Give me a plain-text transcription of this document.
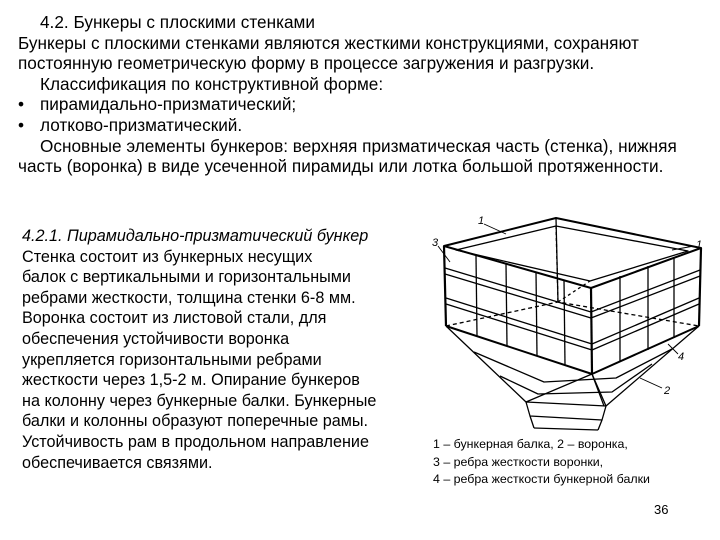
4.2. Бункеры с плоскими стенками
Бункеры с плоскими стенками являются жесткими конструкциями, сохраняют постоянную геометрическую форму в процессе загружения и разгрузки.
Классификация по конструктивной форме:
• пирамидально-призматический;
• лотково-призматический.
Основные элементы бункеров: верхняя призматическая часть (стенка), нижняя часть (воронка) в виде усеченной пирамиды или лотка большой протяженности.
4.2.1. Пирамидально-призматический бункер
Стенка состоит из бункерных несущих
балок с вертикальными и горизонтальными
ребрами жесткости, толщина стенки 6-8 мм.
Воронка состоит из листовой стали, для
обеспечения устойчивости воронка
укрепляется горизонтальными ребрами
жесткости через 1,5-2 м. Опирание бункеров
на колонну через бункерные балки. Бункерные
балки и колонны образуют поперечные рамы.
Устойчивость рам в продольном направление
обеспечивается связями.
1
1
3
4
2
1 – бункерная балка, 2 – воронка,
3 – ребра жесткости воронки,
4 – ребра жесткости бункерной балки
36
